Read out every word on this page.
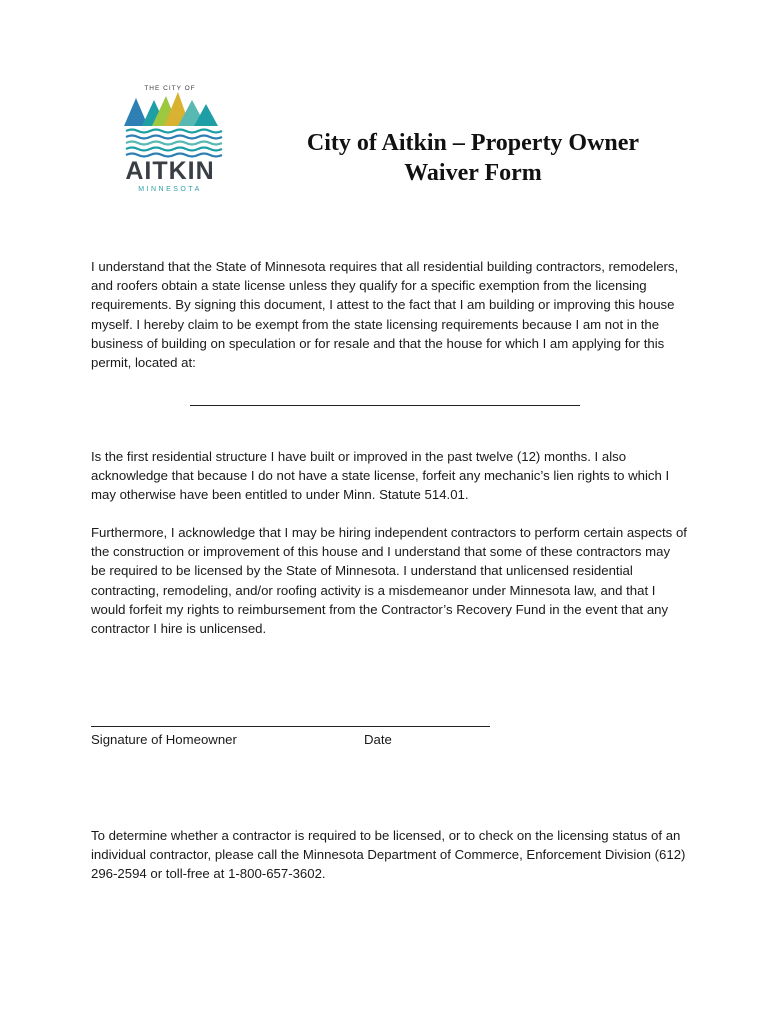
THE CITY OF
AITKIN
MINNESOTA
City of Aitkin – Property Owner
Waiver Form

I understand that the State of Minnesota requires that all residential building contractors, remodelers, and roofers obtain a state license unless they qualify for a specific exemption from the licensing requirements. By signing this document, I attest to the fact that I am building or improving this house myself. I hereby claim to be exempt from the state licensing requirements because I am not in the business of building on speculation or for resale and that the house for which I am applying for this permit, located at:

Is the first residential structure I have built or improved in the past twelve (12) months. I also acknowledge that because I do not have a state license, forfeit any mechanic’s lien rights to which I may otherwise have been entitled to under Minn. Statute 514.01.

Furthermore, I acknowledge that I may be hiring independent contractors to perform certain aspects of the construction or improvement of this house and I understand that some of these contractors may be required to be licensed by the State of Minnesota. I understand that unlicensed residential contracting, remodeling, and/or roofing activity is a misdemeanor under Minnesota law, and that I would forfeit my rights to reimbursement from the Contractor’s Recovery Fund in the event that any contractor I hire is unlicensed.

Signature of Homeowner	Date

To determine whether a contractor is required to be licensed, or to check on the licensing status of an individual contractor, please call the Minnesota Department of Commerce, Enforcement Division (612) 296-2594 or toll-free at 1-800-657-3602.
